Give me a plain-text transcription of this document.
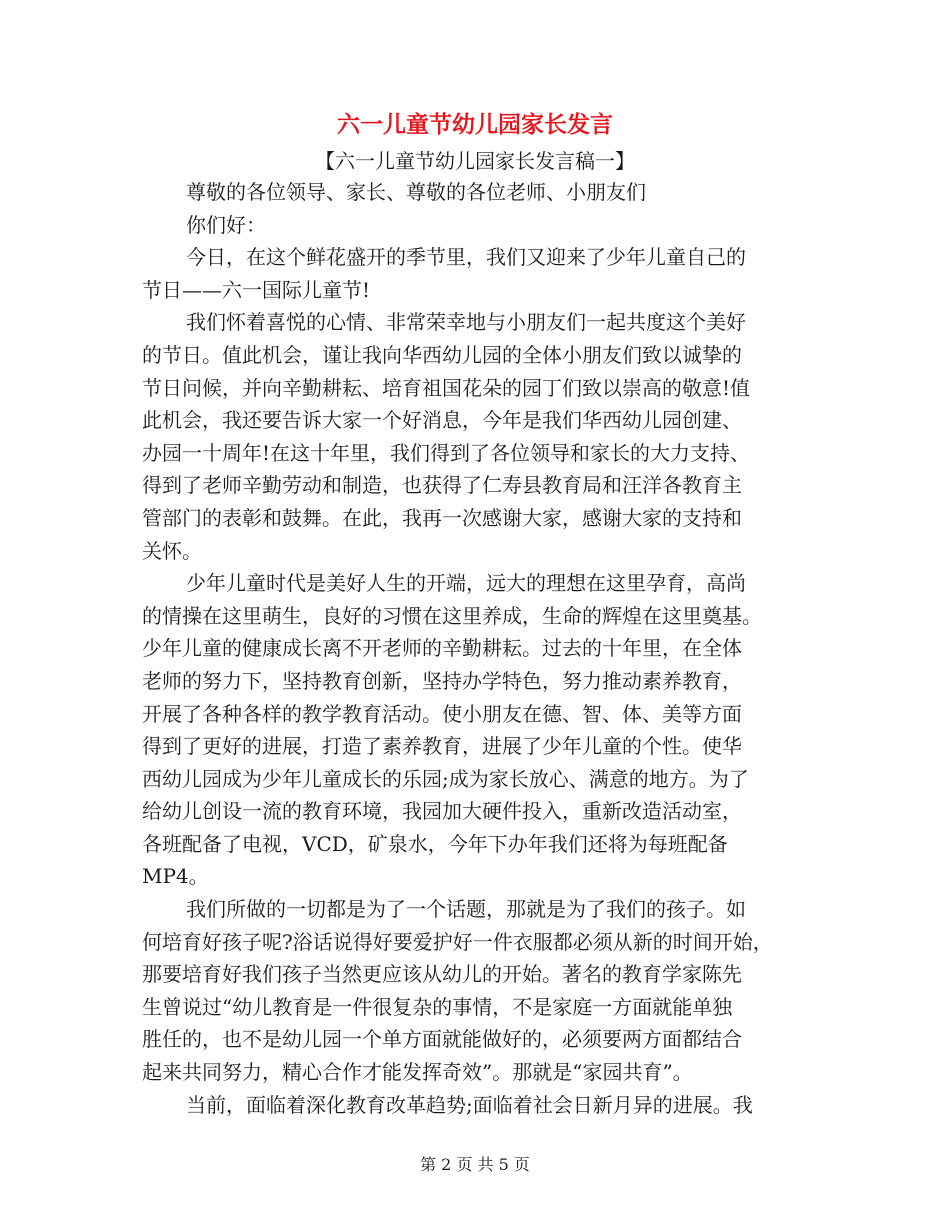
六一儿童节幼儿园家长发言
【六一儿童节幼儿园家长发言稿一】
尊敬的各位领导、家长、尊敬的各位老师、小朋友们
你们好：
今日，在这个鲜花盛开的季节里，我们又迎来了少年儿童自己的
节日——六一国际儿童节!
我们怀着喜悦的心情、非常荣幸地与小朋友们一起共度这个美好
的节日。值此机会，谨让我向华西幼儿园的全体小朋友们致以诚挚的
节日问候，并向辛勤耕耘、培育祖国花朵的园丁们致以崇高的敬意!值
此机会，我还要告诉大家一个好消息，今年是我们华西幼儿园创建、
办园一十周年!在这十年里，我们得到了各位领导和家长的大力支持、
得到了老师辛勤劳动和制造，也获得了仁寿县教育局和汪洋各教育主
管部门的表彰和鼓舞。在此，我再一次感谢大家，感谢大家的支持和
关怀。
少年儿童时代是美好人生的开端，远大的理想在这里孕育，高尚
的情操在这里萌生，良好的习惯在这里养成，生命的辉煌在这里奠基。
少年儿童的健康成长离不开老师的辛勤耕耘。过去的十年里，在全体
老师的努力下，坚持教育创新，坚持办学特色，努力推动素养教育，
开展了各种各样的教学教育活动。使小朋友在德、智、体、美等方面
得到了更好的进展，打造了素养教育，进展了少年儿童的个性。使华
西幼儿园成为少年儿童成长的乐园;成为家长放心、满意的地方。为了
给幼儿创设一流的教育环境，我园加大硬件投入，重新改造活动室，
各班配备了电视，VCD，矿泉水，今年下办年我们还将为每班配备
MP4。
我们所做的一切都是为了一个话题，那就是为了我们的孩子。如
何培育好孩子呢?浴话说得好要爱护好一件衣服都必须从新的时间开始，
那要培育好我们孩子当然更应该从幼儿的开始。著名的教育学家陈先
生曾说过“幼儿教育是一件很复杂的事情，不是家庭一方面就能单独
胜任的，也不是幼儿园一个单方面就能做好的，必须要两方面都结合
起来共同努力，精心合作才能发挥奇效”。那就是“家园共育”。
当前，面临着深化教育改革趋势;面临着社会日新月异的进展。我
第 2 页 共 5 页
